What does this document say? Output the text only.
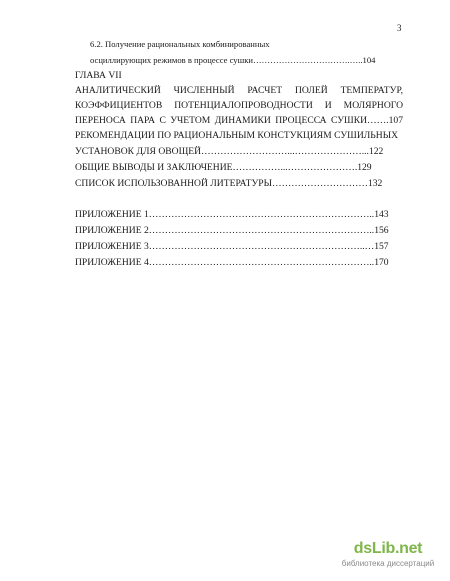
3
6.2. Получение рациональных комбинированных
осциллирующих режимов в процессе сушки…………………………….…..104
ГЛАВА VII
АНАЛИТИЧЕСКИЙ ЧИСЛЕННЫЙ РАСЧЕТ ПОЛЕЙ ТЕМПЕРАТУР,
КОЭФФИЦИЕНТОВ ПОТЕНЦИАЛОПРОВОДНОСТИ И МОЛЯРНОГО
ПЕРЕНОСА ПАРА С УЧЕТОМ ДИНАМИКИ ПРОЦЕССА СУШКИ…….107
РЕКОМЕНДАЦИИ ПО РАЦИОНАЛЬНЫМ КОНСТУКЦИЯМ СУШИЛЬНЫХ
УСТАНОВОК ДЛЯ ОВОЩЕЙ………………………...…………………...122
ОБЩИЕ ВЫВОДЫ И ЗАКЛЮЧЕНИЕ……………...………………….129
СПИСОК ИСПОЛЬЗОВАННОЙ ЛИТЕРАТУРЫ…………………………132
ПРИЛОЖЕНИЕ 1……………………………………………………………..143
ПРИЛОЖЕНИЕ 2……………………………………………………………..156
ПРИЛОЖЕНИЕ 3…………………………………………………………..…157
ПРИЛОЖЕНИЕ 4……………………………………………………………..170
dsLib.net
библиотека диссертаций
